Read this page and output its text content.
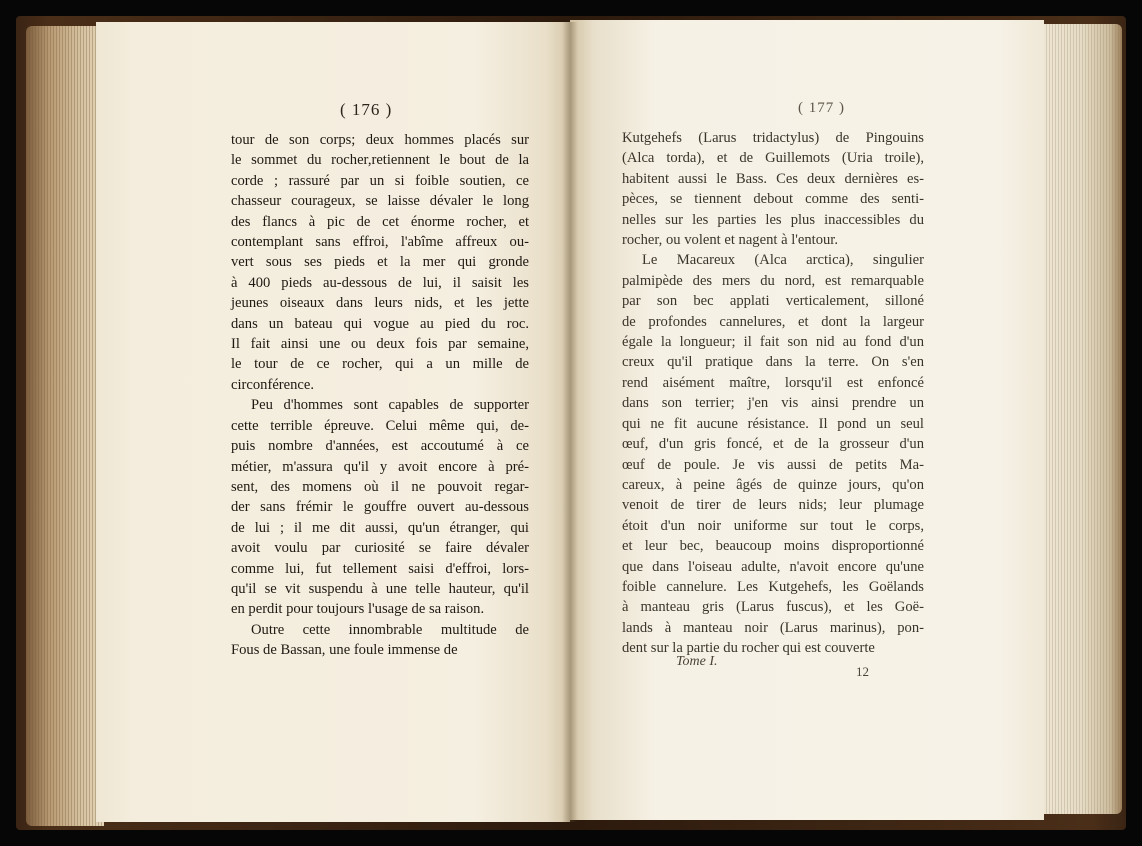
( 176 )	( 177 )

tour de son corps; deux hommes placés sur

le sommet du rocher,retiennent le bout de la

corde ; rassuré par un si foible soutien, ce

chasseur courageux, se laisse dévaler le long

des flancs à pic de cet énorme rocher, et

contemplant sans effroi, l'abîme affreux ou-

vert sous ses pieds et la mer qui gronde

à 400 pieds au-dessous de lui, il saisit les

jeunes oiseaux dans leurs nids, et les jette

dans un bateau qui vogue au pied du roc.

Il fait ainsi une ou deux fois par semaine,

le tour de ce rocher, qui a un mille de

circonférence.

Peu d'hommes sont capables de supporter

cette terrible épreuve. Celui même qui, de-

puis nombre d'années, est accoutumé à ce

métier, m'assura qu'il y avoit encore à pré-

sent, des momens où il ne pouvoit regar-

der sans frémir le gouffre ouvert au-dessous

de lui ; il me dit aussi, qu'un étranger, qui

avoit voulu par curiosité se faire dévaler

comme lui, fut tellement saisi d'effroi, lors-

qu'il se vit suspendu à une telle hauteur, qu'il

en perdit pour toujours l'usage de sa raison.

Outre cette innombrable multitude de

Fous de Bassan, une foule immense de

Kutgehefs (Larus tridactylus) de Pingouins

(Alca torda), et de Guillemots (Uria troile),

habitent aussi le Bass. Ces deux dernières es-

pèces, se tiennent debout comme des senti-

nelles sur les parties les plus inaccessibles du

rocher, ou volent et nagent à l'entour.

Le Macareux (Alca arctica), singulier

palmipède des mers du nord, est remarquable

par son bec applati verticalement, silloné

de profondes cannelures, et dont la largeur

égale la longueur; il fait son nid au fond d'un

creux qu'il pratique dans la terre. On s'en

rend aisément maître, lorsqu'il est enfoncé

dans son terrier; j'en vis ainsi prendre un

qui ne fit aucune résistance. Il pond un seul

œuf, d'un gris foncé, et de la grosseur d'un

œuf de poule. Je vis aussi de petits Ma-

careux, à peine âgés de quinze jours, qu'on

venoit de tirer de leurs nids; leur plumage

étoit d'un noir uniforme sur tout le corps,

et leur bec, beaucoup moins disproportionné

que dans l'oiseau adulte, n'avoit encore qu'une

foible cannelure. Les Kutgehefs, les Goëlands

à manteau gris (Larus fuscus), et les Goë-

lands à manteau noir (Larus marinus), pon-

dent sur la partie du rocher qui est couverte

Tome I.
12
